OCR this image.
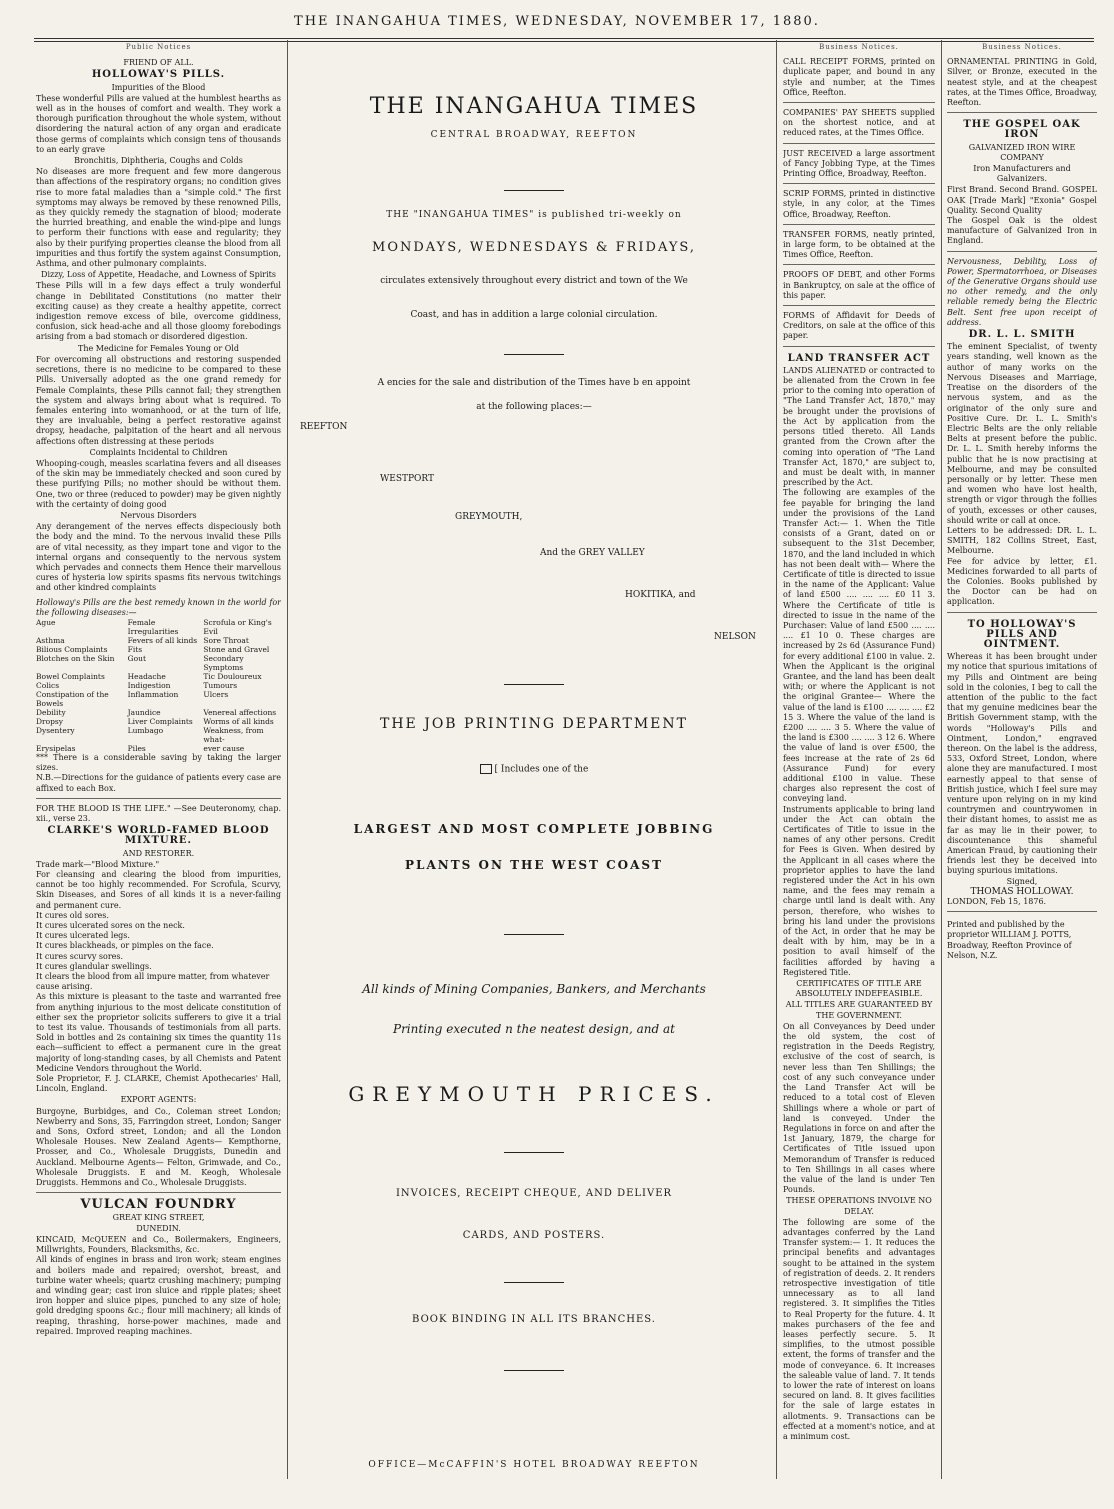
THE INANGAHUA TIMES, WEDNESDAY, NOVEMBER 17, 1880.
Public Notices
FRIEND OF ALL.
HOLLOWAY'S PILLS.
Impurities of the Blood

These wonderful Pills are valued at the humblest hearths as well as in the houses of comfort and wealth. They work a thorough purification throughout the whole system, without disordering the natural action of any organ and eradicate those germs of complaints which consign tens of thousands to an early grave

Bronchitis, Diphtheria, Coughs and Colds

No diseases are more frequent and few more dangerous than affections of the respiratory organs; no condition gives rise to more fatal maladies than a "simple cold." The first symptoms may always be removed by these renowned Pills, as they quickly remedy the stagnation of blood; moderate the hurried breathing, and enable the wind-pipe and lungs to perform their functions with ease and regularity; they also by their purifying properties cleanse the blood from all impurities and thus fortify the system against Consumption, Asthma, and other pulmonary complaints.

Dizzy, Loss of Appetite, Headache, and Lowness of Spirits

These Pills will in a few days effect a truly wonderful change in Debilitated Constitutions (no matter their exciting cause) as they create a healthy appetite, correct indigestion remove excess of bile, overcome giddiness, confusion, sick head-ache and all those gloomy forebodings arising from a bad stomach or disordered digestion.

The Medicine for Females Young or Old

For overcoming all obstructions and restoring suspended secretions, there is no medicine to be compared to these Pills. Universally adopted as the one grand remedy for Female Complaints, these Pills cannot fail; they strengthen the system and always bring about what is required. To females entering into womanhood, or at the turn of life, they are invaluable, being a perfect restorative against dropsy, headache, palpitation of the heart and all nervous affections often distressing at these periods

Complaints Incidental to Children

Whooping-cough, measles scarlatina fevers and all diseases of the skin may be immediately checked and soon cured by these purifying Pills; no mother should be without them. One, two or three (reduced to powder) may be given nightly with the certainty of doing good

Nervous Disorders

Any derangement of the nerves effects dispeciously both the body and the mind. To the nervous invalid these Pills are of vital necessity, as they impart tone and vigor to the internal organs and consequently to the nervous system which pervades and connects them Hence their marvellous cures of hysteria low spirits spasms fits nervous twitchings and other kindred complaints

Holloway's Pills are the best remedy known in the world for the following diseases:—

Ague	Female Irregularities	Scrofula or King's Evil
Asthma	Fevers of all kinds	Sore Throat
Bilious Complaints	Fits	Stone and Gravel
Blotches on the Skin	Gout	Secondary Symptoms
Bowel Complaints	Headache	Tic Douloureux
Colics	Indigestion	Tumours
Constipation of the Bowels	Inflammation	Ulcers
Debility	Jaundice	Venereal affections
Dropsy	Liver Complaints	Worms of all kinds
Dysentery	Lumbago	Weakness, from what-
Erysipelas	Piles	ever cause

*** There is a considerable saving by taking the larger sizes.

N.B.—Directions for the guidance of patients every case are affixed to each Box.

FOR THE BLOOD IS THE LIFE." —See Deuteronomy, chap. xii., verse 23.

CLARKE'S WORLD-FAMED BLOOD MIXTURE.
AND RESTORER.

Trade mark—"Blood Mixture."

For cleansing and clearing the blood from impurities, cannot be too highly recommended. For Scrofula, Scurvy, Skin Diseases, and Sores of all kinds it is a never-failing and permanent cure.

It cures old sores.
It cures ulcerated sores on the neck.
It cures ulcerated legs.
It cures blackheads, or pimples on the face.
It cures scurvy sores.
It cures glandular swellings.
It clears the blood from all impure matter, from whatever cause arising.

As this mixture is pleasant to the taste and warranted free from anything injurious to the most delicate constitution of either sex the proprietor solicits sufferers to give it a trial to test its value. Thousands of testimonials from all parts. Sold in bottles and 2s containing six times the quantity 11s each—sufficient to effect a permanent cure in the great majority of long-standing cases, by all Chemists and Patent Medicine Vendors throughout the World.

Sole Proprietor, F. J. CLARKE, Chemist Apothecaries' Hall, Lincoln, England.

EXPORT AGENTS:

Burgoyne, Burbidges, and Co., Coleman street London; Newberry and Sons, 35, Farringdon street, London; Sanger and Sons, Oxford street, London; and all the London Wholesale Houses. New Zealand Agents— Kempthorne, Prosser, and Co., Wholesale Druggists, Dunedin and Auckland. Melbourne Agents— Felton, Grimwade, and Co., Wholesale Druggists. E and M. Keogh, Wholesale Druggists. Hemmons and Co., Wholesale Druggists.

VULCAN FOUNDRY
GREAT KING STREET,
DUNEDIN.

KINCAID, McQUEEN and Co., Boilermakers, Engineers, Millwrights, Founders, Blacksmiths, &c.

All kinds of engines in brass and iron work; steam engines and boilers made and repaired; overshot, breast, and turbine water wheels; quartz crushing machinery; pumping and winding gear; cast iron sluice and ripple plates; sheet iron hopper and sluice pipes, punched to any size of hole; gold dredging spoons &c.; flour mill machinery; all kinds of reaping, thrashing, horse-power machines, made and repaired. Improved reaping machines.

THE INANGAHUA TIMES
CENTRAL BROADWAY, REEFTON
THE "INANGAHUA TIMES" is published tri-weekly on
MONDAYS, WEDNESDAYS & FRIDAYS,
circulates extensively throughout every district and town of the We
Coast, and has in addition a large colonial circulation.
A encies for the sale and distribution of the Times have b en appoint
at the following places:—
REEFTON
WESTPORT
GREYMOUTH,
And the GREY VALLEY
HOKITIKA, and
NELSON
THE JOB PRINTING DEPARTMENT
[ Includes one of the
LARGEST AND MOST COMPLETE JOBBING
PLANTS ON THE WEST COAST
All kinds of Mining Companies, Bankers, and Merchants
Printing executed n the neatest design, and at
GREYMOUTH PRICES.
INVOICES, RECEIPT CHEQUE, AND DELIVER
CARDS, AND POSTERS.
BOOK BINDING IN ALL ITS BRANCHES.
OFFICE—McCAFFIN'S HOTEL BROADWAY REEFTON
Business Notices.

CALL RECEIPT FORMS, printed on duplicate paper, and bound in any style and number, at the Times Office, Reefton.

COMPANIES' PAY SHEETS supplied on the shortest notice, and at reduced rates, at the Times Office.

JUST RECEIVED a large assortment of Fancy Jobbing Type, at the Times Printing Office, Broadway, Reefton.

SCRIP FORMS, printed in distinctive style, in any color, at the Times Office, Broadway, Reefton.

TRANSFER FORMS, neatly printed, in large form, to be obtained at the Times Office, Reefton.

PROOFS OF DEBT, and other Forms in Bankruptcy, on sale at the office of this paper.

FORMS of Affidavit for Deeds of Creditors, on sale at the office of this paper.

LAND TRANSFER ACT

LANDS ALIENATED or contracted to be alienated from the Crown in fee prior to the coming into operation of "The Land Transfer Act, 1870," may be brought under the provisions of the Act by application from the persons titled thereto. All Lands granted from the Crown after the coming into operation of "The Land Transfer Act, 1870," are subject to, and must be dealt with, in manner prescribed by the Act.

The following are examples of the fee payable for bringing the land under the provisions of the Land Transfer Act:— 1. When the Title consists of a Grant, dated on or subsequent to the 31st December, 1870, and the land included in which has not been dealt with— Where the Certificate of title is directed to issue in the name of the Applicant: Value of land £500 .... .... .... £0 11 3. Where the Certificate of title is directed to issue in the name of the Purchaser: Value of land £500 .... .... .... £1 10 0. These charges are increased by 2s 6d (Assurance Fund) for every additional £100 in value. 2. When the Applicant is the original Grantee, and the land has been dealt with; or where the Applicant is not the original Grantee— Where the value of the land is £100 .... .... .... £2 15 3. Where the value of the land is £200 .... .... 3 5. Where the value of the land is £300 .... .... 3 12 6. Where the value of land is over £500, the fees increase at the rate of 2s 6d (Assurance Fund) for every additional £100 in value. These charges also represent the cost of conveying land.

Instruments applicable to bring land under the Act can obtain the Certificates of Title to issue in the names of any other persons. Credit for Fees is Given. When desired by the Applicant in all cases where the proprietor applies to have the land registered under the Act in his own name, and the fees may remain a charge until land is dealt with. Any person, therefore, who wishes to bring his land under the provisions of the Act, in order that he may be dealt with by him, may be in a position to avail himself of the facilities afforded by having a Registered Title.

CERTIFICATES OF TITLE ARE ABSOLUTELY INDEFEASIBLE.
ALL TITLES ARE GUARANTEED BY THE GOVERNMENT.

On all Conveyances by Deed under the old system, the cost of registration in the Deeds Registry, exclusive of the cost of search, is never less than Ten Shillings; the cost of any such conveyance under the Land Transfer Act will be reduced to a total cost of Eleven Shillings where a whole or part of land is conveyed. Under the Regulations in force on and after the 1st January, 1879, the charge for Certificates of Title issued upon Memorandum of Transfer is reduced to Ten Shillings in all cases where the value of the land is under Ten Pounds.

THESE OPERATIONS INVOLVE NO DELAY.

The following are some of the advantages conferred by the Land Transfer system:— 1. It reduces the principal benefits and advantages sought to be attained in the system of registration of deeds. 2. It renders retrospective investigation of title unnecessary as to all land registered. 3. It simplifies the Titles to Real Property for the future. 4. It makes purchasers of the fee and leases perfectly secure. 5. It simplifies, to the utmost possible extent, the forms of transfer and the mode of conveyance. 6. It increases the saleable value of land. 7. It tends to lower the rate of interest on loans secured on land. 8. It gives facilities for the sale of large estates in allotments. 9. Transactions can be effected at a moment's notice, and at a minimum cost.

Business Notices.

ORNAMENTAL PRINTING in Gold, Silver, or Bronze, executed in the neatest style, and at the cheapest rates, at the Times Office, Broadway, Reefton.

THE GOSPEL OAK IRON
GALVANIZED IRON WIRE COMPANY
Iron Manufacturers and Galvanizers.

First Brand. Second Brand. GOSPEL OAK [Trade Mark] "Exonia" Gospel Quality. Second Quality

The Gospel Oak is the oldest manufacture of Galvanized Iron in England.

Nervousness, Debility, Loss of Power, Spermatorrhoea, or Diseases of the Generative Organs should use no other remedy, and the only reliable remedy being the Electric Belt. Sent free upon receipt of address.

DR. L. L. SMITH

The eminent Specialist, of twenty years standing, well known as the author of many works on the Nervous Diseases and Marriage, Treatise on the disorders of the nervous system, and as the originator of the only sure and Positive Cure. Dr. L. L. Smith's Electric Belts are the only reliable Belts at present before the public. Dr. L. L. Smith hereby informs the public that he is now practising at Melbourne, and may be consulted personally or by letter. These men and women who have lost health, strength or vigor through the follies of youth, excesses or other causes, should write or call at once.

Letters to be addressed: DR. L. L. SMITH, 182 Collins Street, East, Melbourne.

Fee for advice by letter, £1. Medicines forwarded to all parts of the Colonies. Books published by the Doctor can be had on application.

TO HOLLOWAY'S PILLS AND OINTMENT.

Whereas it has been brought under my notice that spurious imitations of my Pills and Ointment are being sold in the colonies, I beg to call the attention of the public to the fact that my genuine medicines bear the British Government stamp, with the words "Holloway's Pills and Ointment, London," engraved thereon. On the label is the address, 533, Oxford Street, London, where alone they are manufactured. I most earnestly appeal to that sense of British justice, which I feel sure may venture upon relying on in my kind countrymen and countrywomen in their distant homes, to assist me as far as may lie in their power, to discountenance this shameful American Fraud, by cautioning their friends lest they be deceived into buying spurious imitations.

Signed,

THOMAS HOLLOWAY.

LONDON, Feb 15, 1876.

Printed and published by the proprietor WILLIAM J. POTTS, Broadway, Reefton Province of Nelson, N.Z.
